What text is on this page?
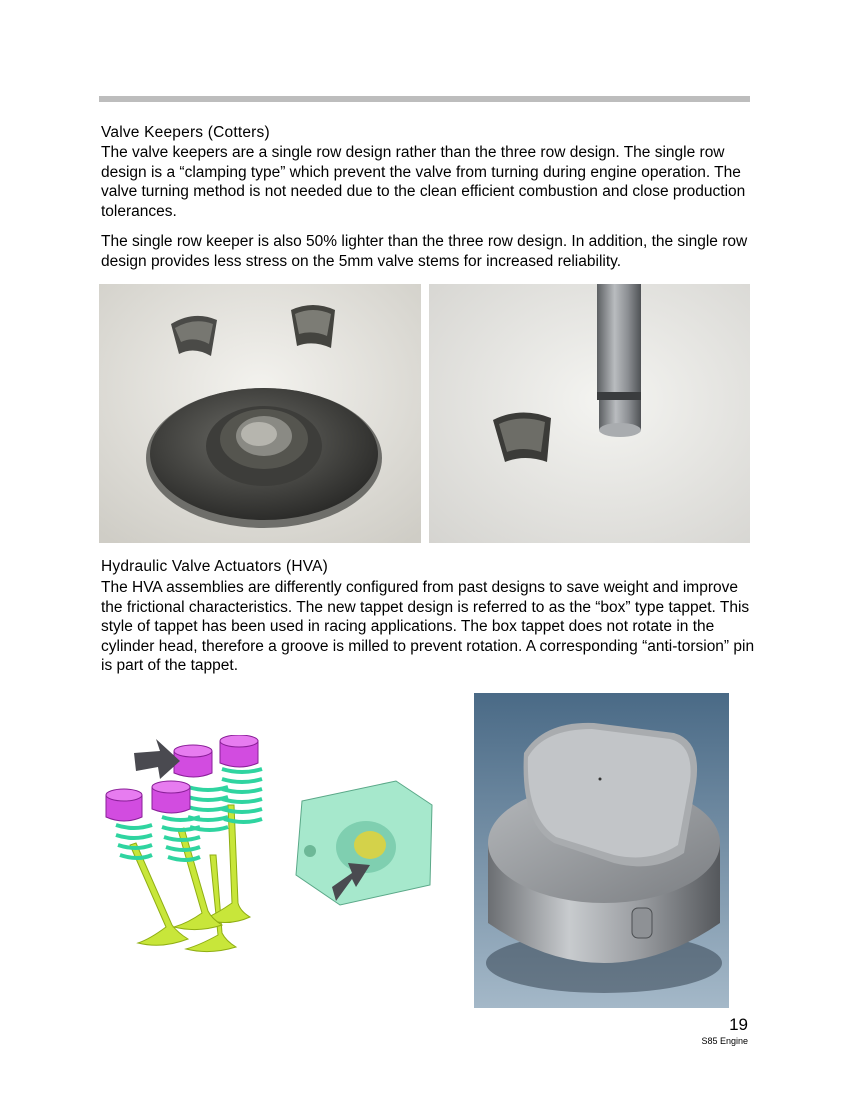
Valve Keepers (Cotters)
The valve keepers are a single row design rather than the three row design. The single row design is a “clamping type” which prevent the valve from turning during engine operation. The valve turning method is not needed due to the clean efficient combustion and close production tolerances.
The single row keeper is also 50% lighter than the three row design. In addition, the single row design provides less stress on the 5mm valve stems for increased reliability.
Hydraulic Valve Actuators (HVA)
The HVA assemblies are differently configured from past designs to save weight and improve the frictional characteristics. The new tappet design is referred to as the “box” type tappet. This style of tappet has been used in racing applications. The box tappet does not rotate in the cylinder head, therefore a groove is milled to prevent rotation. A corresponding “anti-torsion” pin is part of the tappet.
19
S85 Engine
